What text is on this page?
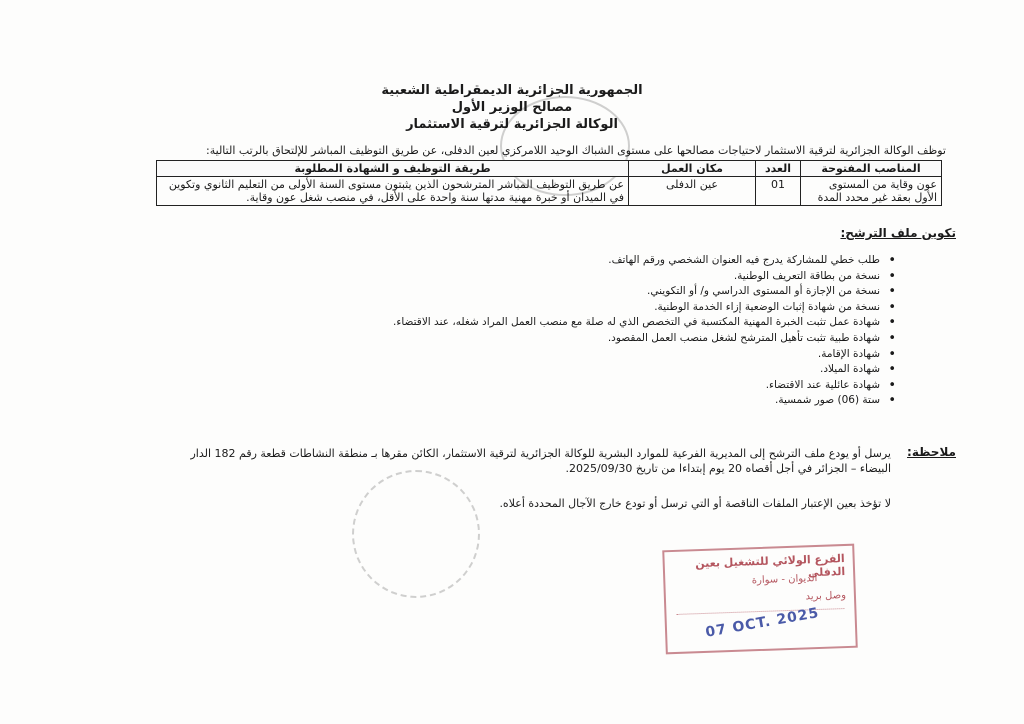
الجمهورية الجزائرية الديمقراطية الشعبية
مصالح الوزير الأول
الوكالة الجزائرية لترقية الاستثمار
توظف الوكالة الجزائرية لترقية الاستثمار لاحتياجات مصالحها على مستوى الشباك الوحيد اللامركزي لعين الدفلى، عن طريق التوظيف المباشر للإلتحاق بالرتب التالية:
المناصب المفتوحة	العدد	مكان العمل	طريقة التوظيف و الشهادة المطلوبة
عون وقاية من المستوى الأول بعقد غير محدد المدة	01	عين الدفلى	عن طريق التوظيف المباشر المترشحون الذين يثبتون مستوى السنة الأولى من التعليم الثانوي وتكوين في الميدان أو خبرة مهنية مدتها سنة واحدة على الأقل، في منصب شغل عون وقاية.
تكوين ملف الترشح:
• طلب خطي للمشاركة يدرج فيه العنوان الشخصي ورقم الهاتف.
• نسخة من بطاقة التعريف الوطنية.
• نسخة من الإجازة أو المستوى الدراسي و/ أو التكويني.
• نسخة من شهادة إثبات الوضعية إزاء الخدمة الوطنية.
• شهادة عمل تثبت الخبرة المهنية المكتسبة في التخصص الذي له صلة مع منصب العمل المراد شغله، عند الاقتضاء.
• شهادة طبية تثبت تأهيل المترشح لشغل منصب العمل المقصود.
• شهادة الإقامة.
• شهادة الميلاد.
• شهادة عائلية عند الاقتضاء.
• ستة (06) صور شمسية.
ملاحظة:
يرسل أو يودع ملف الترشح إلى المديرية الفرعية للموارد البشرية للوكالة الجزائرية لترقية الاستثمار، الكائن مقرها بـ منطقة النشاطات قطعة رقم 182 الدار البيضاء – الجزائر في أجل أقصاه 20 يوم إبتداءا من تاريخ 2025/09/30.
لا تؤخذ بعين الإعتبار الملفات الناقصة أو التي ترسل أو تودع خارج الآجال المحددة أعلاه.
الفرع الولائي للتشغيل بعين الدفلى
الديوان - سوارة
وصل بريد
07 OCT. 2025
